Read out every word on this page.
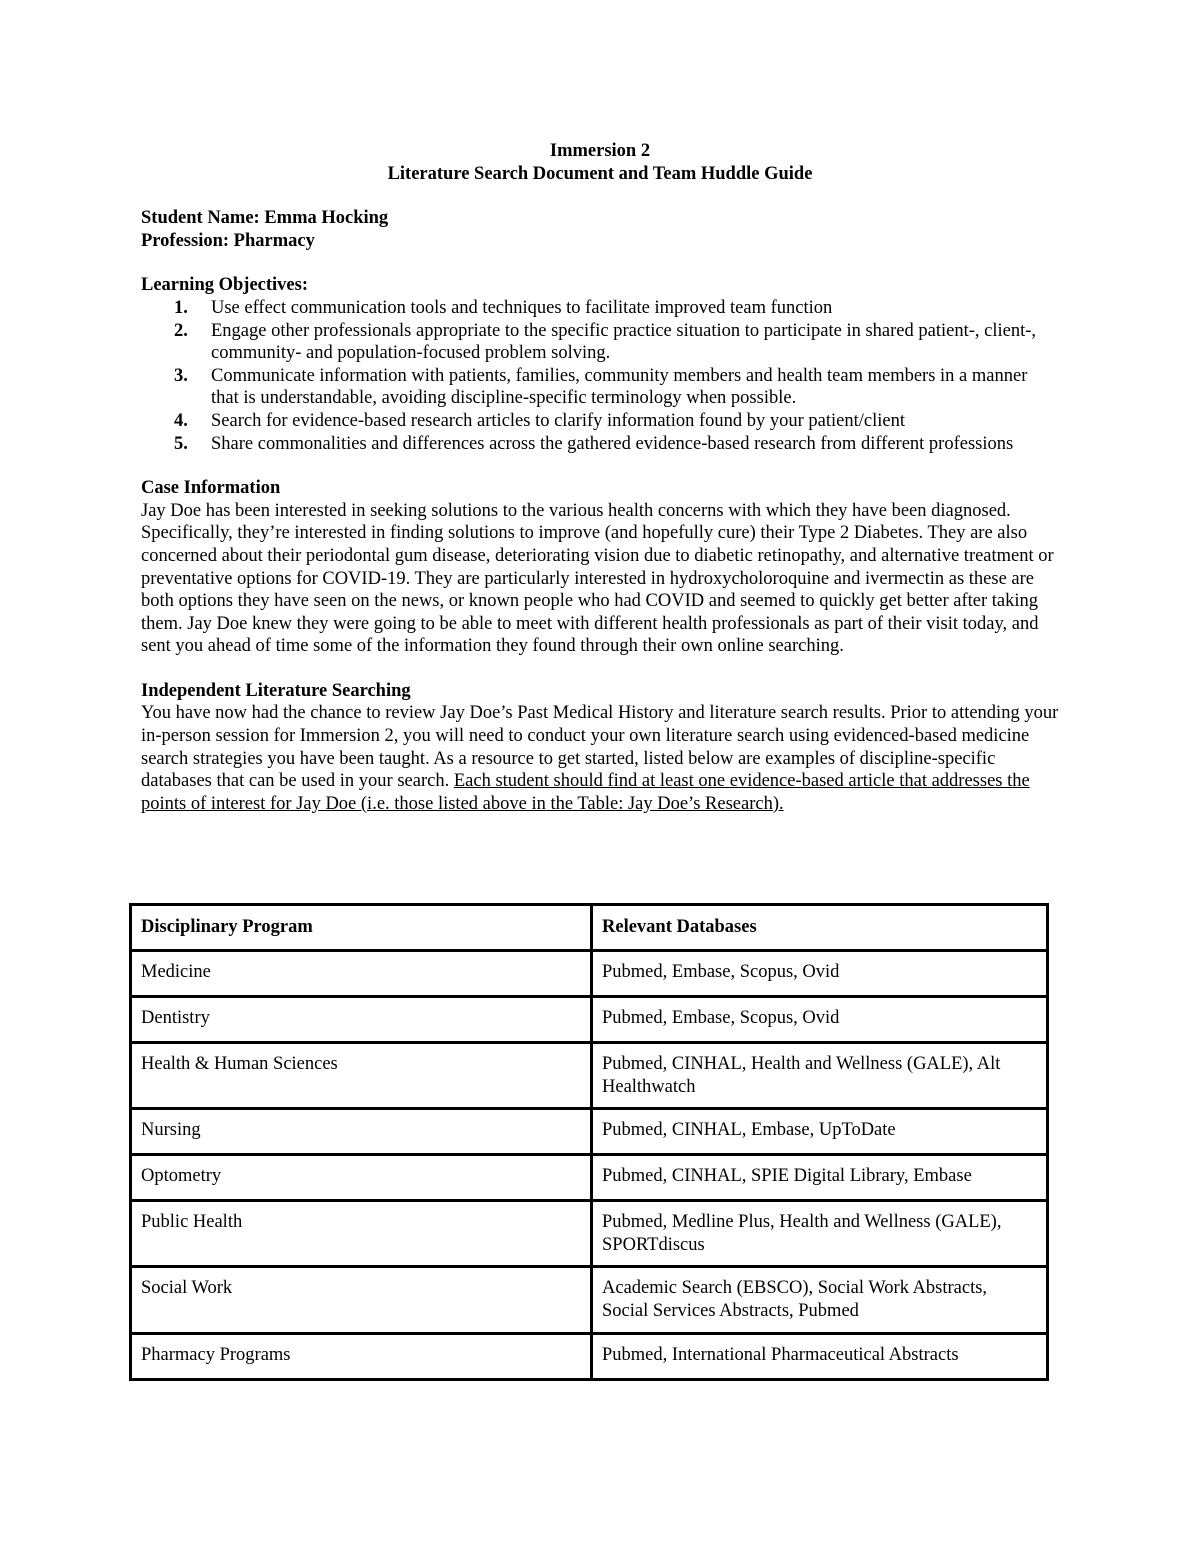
Immersion 2
Literature Search Document and Team Huddle Guide
Student Name: Emma Hocking
Profession: Pharmacy
Learning Objectives:
1. Use effect communication tools and techniques to facilitate improved team function
2. Engage other professionals appropriate to the specific practice situation to participate in shared patient-, client-, community- and population-focused problem solving.
3. Communicate information with patients, families, community members and health team members in a manner that is understandable, avoiding discipline-specific terminology when possible.
4. Search for evidence-based research articles to clarify information found by your patient/client
5. Share commonalities and differences across the gathered evidence-based research from different professions
Case Information

Jay Doe has been interested in seeking solutions to the various health concerns with which they have been diagnosed. Specifically, they’re interested in finding solutions to improve (and hopefully cure) their Type 2 Diabetes. They are also concerned about their periodontal gum disease, deteriorating vision due to diabetic retinopathy, and alternative treatment or preventative options for COVID-19. They are particularly interested in hydroxycholoroquine and ivermectin as these are both options they have seen on the news, or known people who had COVID and seemed to quickly get better after taking them. Jay Doe knew they were going to be able to meet with different health professionals as part of their visit today, and sent you ahead of time some of the information they found through their own online searching.

Independent Literature Searching

You have now had the chance to review Jay Doe’s Past Medical History and literature search results. Prior to attending your in-person session for Immersion 2, you will need to conduct your own literature search using evidenced-based medicine search strategies you have been taught. As a resource to get started, listed below are examples of discipline-specific databases that can be used in your search. Each student should find at least one evidence-based article that addresses the points of interest for Jay Doe (i.e. those listed above in the Table: Jay Doe’s Research).

Disciplinary Program	Relevant Databases
Medicine	Pubmed, Embase, Scopus, Ovid
Dentistry	Pubmed, Embase, Scopus, Ovid
Health & Human Sciences	Pubmed, CINHAL, Health and Wellness (GALE), Alt Healthwatch
Nursing	Pubmed, CINHAL, Embase, UpToDate
Optometry	Pubmed, CINHAL, SPIE Digital Library, Embase
Public Health	Pubmed, Medline Plus, Health and Wellness (GALE), SPORTdiscus
Social Work	Academic Search (EBSCO), Social Work Abstracts, Social Services Abstracts, Pubmed
Pharmacy Programs	Pubmed, International Pharmaceutical Abstracts
